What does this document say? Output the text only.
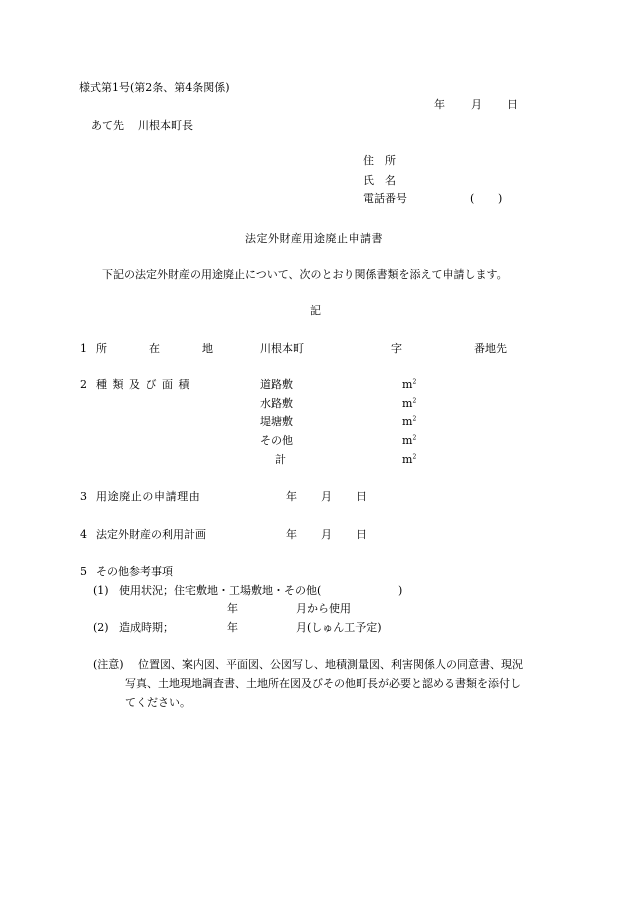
様式第1号(第2条、第4条関係)
年 月 日
あて先 川根本町長
住　所
氏　名
電話番号	( )
法定外財産用途廃止申請書
下記の法定外財産の用途廃止について、次のとおり関係書類を添えて申請します。
記
1 所	在	地	川根本町	字	番地先
2 種 類 及 び 面 積	道路敷	$m^2$
水路敷	$m^2$
堤塘敷	$m^2$
その他	$m^2$
計	$m^2$
3 用途廃止の申請理由	年 月 日
4 法定外財産の利用計画	年 月 日
5 その他参考事項
(1) 使用状況；住宅敷地・工場敷地・その他(	)
年	月から使用
(2) 造成時期；	年	月(しゅん工予定)
(注意) 位置図、案内図、平面図、公図写し、地積測量図、利害関係人の同意書、現況
写真、土地現地調査書、土地所在図及びその他町長が必要と認める書類を添付し
てください。
